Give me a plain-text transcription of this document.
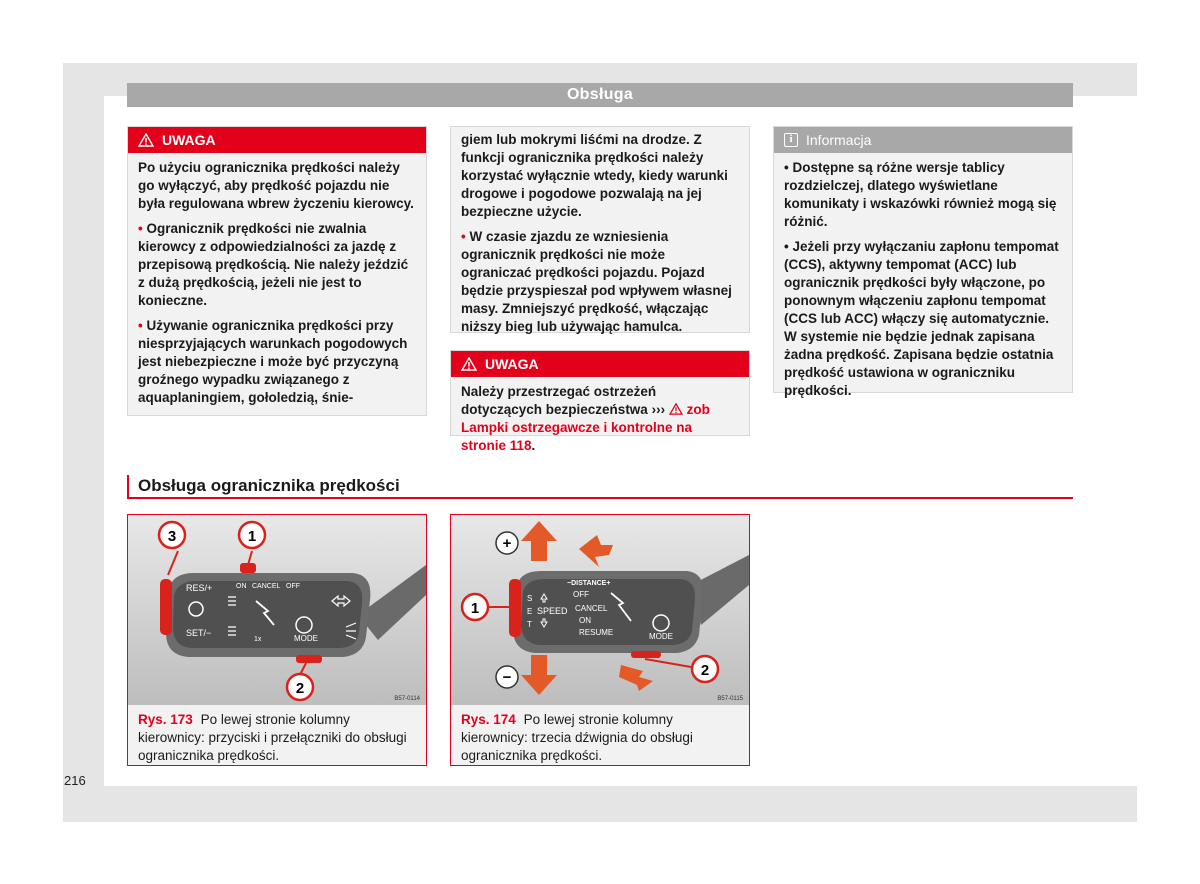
Obsługa
UWAGA

Po użyciu ogranicznika prędkości należy go wyłączyć, aby prędkość pojazdu nie była regulowana wbrew życzeniu kierowcy.

• Ogranicznik prędkości nie zwalnia kierowcy z odpowiedzialności za jazdę z przepisową prędkością. Nie należy jeździć z dużą prędkością, jeżeli nie jest to konieczne.

• Używanie ogranicznika prędkości przy niesprzyjających warunkach pogodowych jest niebezpieczne i może być przyczyną groźnego wypadku związanego z aquaplaningiem, gołoledzią, śnie-

giem lub mokrymi liśćmi na drodze. Z funkcji ogranicznika prędkości należy korzystać wyłącznie wtedy, kiedy warunki drogowe i pogodowe pozwalają na jej bezpieczne użycie.

• W czasie zjazdu ze wzniesienia ogranicznik prędkości nie może ograniczać prędkości pojazdu. Pojazd będzie przyspieszał pod wpływem własnej masy. Zmniejszyć prędkość, włączając niższy bieg lub używając hamulca.

UWAGA

Należy przestrzegać ostrzeżeń dotyczących bezpieczeństwa ››› zob Lampki ostrzegawcze i kontrolne na stronie 118.

i Informacja

• Dostępne są różne wersje tablicy rozdzielczej, dlatego wyświetlane komunikaty i wskazówki również mogą się różnić.

• Jeżeli przy wyłączaniu zapłonu tempomat (CCS), aktywny tempomat (ACC) lub ogranicznik prędkości były włączone, po ponownym włączeniu zapłonu tempomat (CCS lub ACC) włączy się automatycznie. W systemie nie będzie jednak zapisana żadna prędkość. Zapisana będzie ostatnia prędkość ustawiona w ograniczniku prędkości.

Obsługa ogranicznika prędkości
RES/+
SET/−
ON CANCEL OFF
MODE
1x
3	1
2
B57-0114
Rys. 173 Po lewej stronie kolumny kierownicy: przyciski i przełączniki do obsługi ogranicznika prędkości.
−DISTANCE+
S
E
T
SPEED
OFF
CANCEL
ON
RESUME	MODE
+
−
1
2
B57-0115
Rys. 174 Po lewej stronie kolumny kierownicy: trzecia dźwignia do obsługi ogranicznika prędkości.
216
